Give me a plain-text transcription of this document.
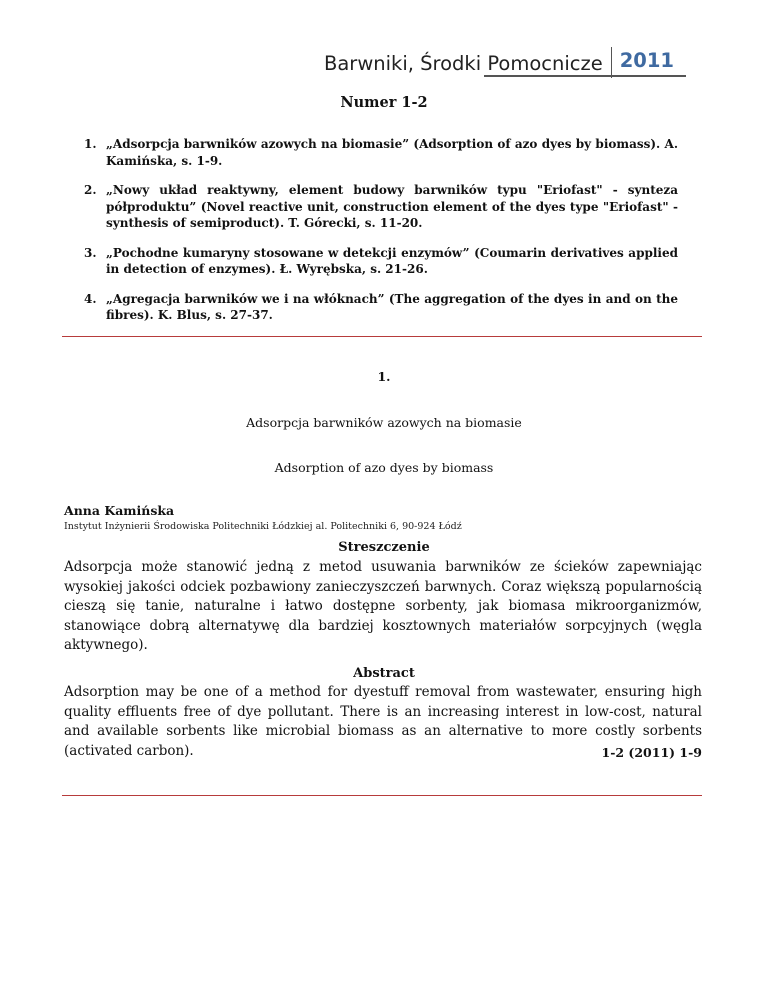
Barwniki, Środki Pomocnicze 2011
Numer 1-2
1. „Adsorpcja barwników azowych na biomasie” (Adsorption of azo dyes by biomass). A. Kamińska, s. 1-9.
2. „Nowy układ reaktywny, element budowy barwników typu "Eriofast" - synteza półproduktu” (Novel reactive unit, construction element of the dyes type "Eriofast" - synthesis of semiproduct). T. Górecki, s. 11-20.
3. „Pochodne kumaryny stosowane w detekcji enzymów” (Coumarin derivatives applied in detection of enzymes). Ł. Wyrębska, s. 21-26.
4. „Agregacja barwników we i na włóknach” (The aggregation of the dyes in and on the fibres). K. Blus, s. 27-37.
1.
Adsorpcja barwników azowych na biomasie
Adsorption of azo dyes by biomass
Anna Kamińska
Instytut Inżynierii Środowiska Politechniki Łódzkiej al. Politechniki 6, 90-924 Łódź
Streszczenie
Adsorpcja może stanowić jedną z metod usuwania barwników ze ścieków zapewniając wysokiej jakości odciek pozbawiony zanieczyszczeń barwnych. Coraz większą popularnością cieszą się tanie, naturalne i łatwo dostępne sorbenty, jak biomasa mikroorganizmów, stanowiące dobrą alternatywę dla bardziej kosztownych materiałów sorpcyjnych (węgla aktywnego).
Abstract
Adsorption may be one of a method for dyestuff removal from wastewater, ensuring high quality effluents free of dye pollutant. There is an increasing interest in low-cost, natural and available sorbents like microbial biomass as an alternative to more costly sorbents (activated carbon).	1-2 (2011) 1-9
